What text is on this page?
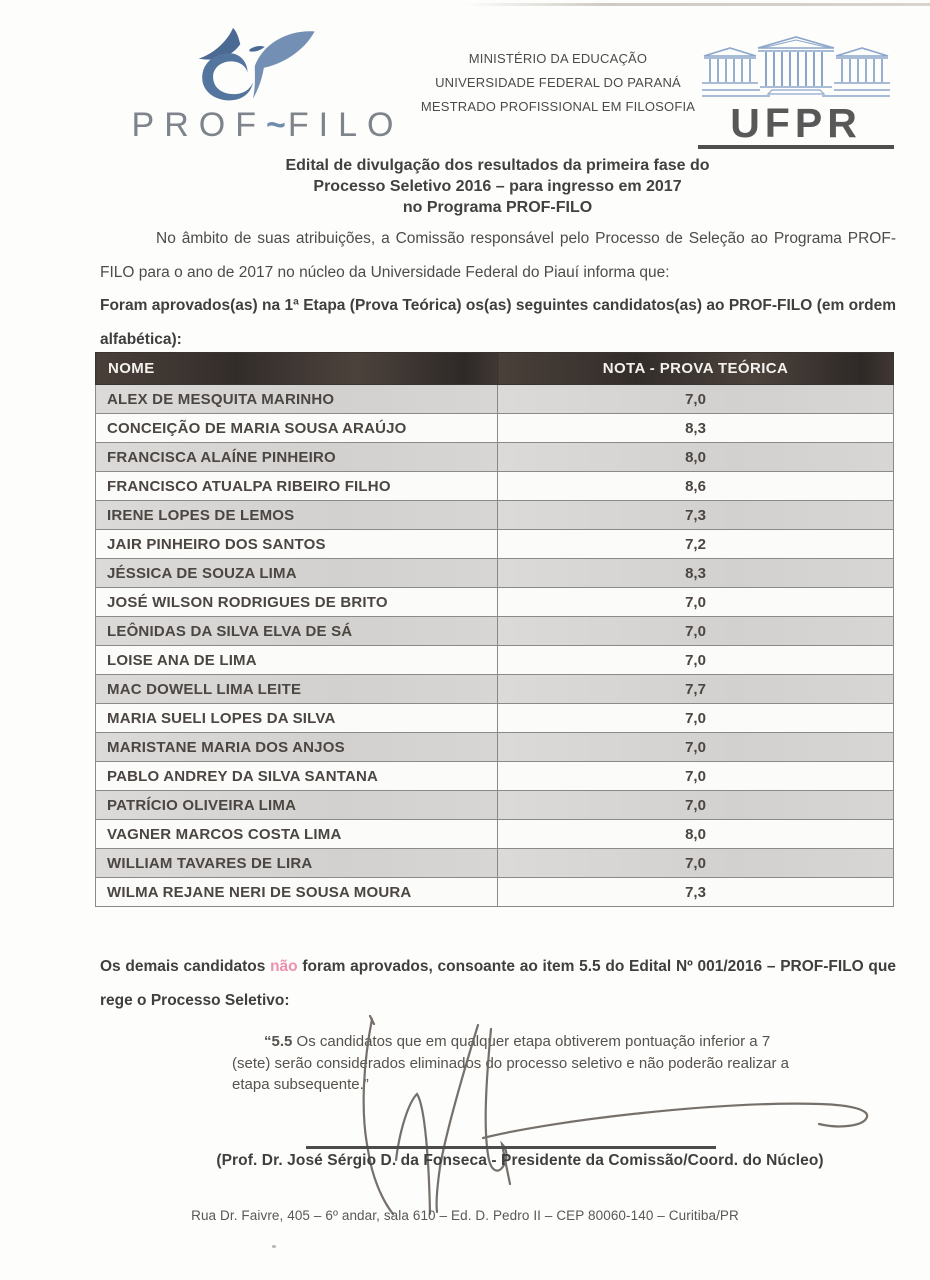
PROF~FILO
MINISTÉRIO DA EDUCAÇÃO
UNIVERSIDADE FEDERAL DO PARANÁ
MESTRADO PROFISSIONAL EM FILOSOFIA UFPR
Edital de divulgação dos resultados da primeira fase do
Processo Seletivo 2016 – para ingresso em 2017
no Programa PROF-FILO

No âmbito de suas atribuições, a Comissão responsável pelo Processo de Seleção ao Programa PROF-FILO para o ano de 2017 no núcleo da Universidade Federal do Piauí informa que:

Foram aprovados(as) na 1ª Etapa (Prova Teórica) os(as) seguintes candidatos(as) ao PROF-FILO (em ordem alfabética):

NOME	NOTA - PROVA TEÓRICA
ALEX DE MESQUITA MARINHO	7,0
CONCEIÇÃO DE MARIA SOUSA ARAÚJO	8,3
FRANCISCA ALAÍNE PINHEIRO	8,0
FRANCISCO ATUALPA RIBEIRO FILHO	8,6
IRENE LOPES DE LEMOS	7,3
JAIR PINHEIRO DOS SANTOS	7,2
JÉSSICA DE SOUZA LIMA	8,3
JOSÉ WILSON RODRIGUES DE BRITO	7,0
LEÔNIDAS DA SILVA ELVA DE SÁ	7,0
LOISE ANA DE LIMA	7,0
MAC DOWELL LIMA LEITE	7,7
MARIA SUELI LOPES DA SILVA	7,0
MARISTANE MARIA DOS ANJOS	7,0
PABLO ANDREY DA SILVA SANTANA	7,0
PATRÍCIO OLIVEIRA LIMA	7,0
VAGNER MARCOS COSTA LIMA	8,0
WILLIAM TAVARES DE LIRA	7,0
WILMA REJANE NERI DE SOUSA MOURA	7,3

Os demais candidatos não foram aprovados, consoante ao item 5.5 do Edital Nº 001/2016 – PROF-FILO que rege o Processo Seletivo:

“5.5 Os candidatos que em qualquer etapa obtiverem pontuação inferior a 7 (sete) serão considerados eliminados do processo seletivo e não poderão realizar a etapa subsequente.”

(Prof. Dr. José Sérgio D. da Fonseca - Presidente da Comissão/Coord. do Núcleo)
Rua Dr. Faivre, 405 – 6º andar, sala 610 – Ed. D. Pedro II – CEP 80060-140 – Curitiba/PR
